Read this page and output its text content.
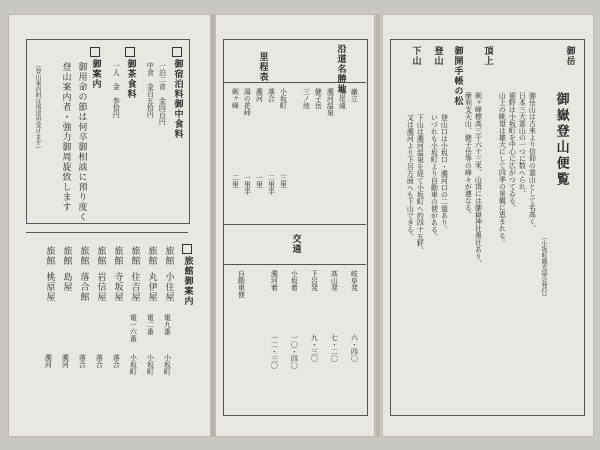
御宿泊料御中食料
一泊二食　金四百円
中食　金百五拾円
御茶食料
一人　金　参拾円
御案内
御用命の節は何卒御相談に預り度く
登山案内者・強力御周旋致します
（登山案内料は別途申受けます）
旅館御案内
旅館
小住屋
電九番
小坂町
旅館
丸伊屋
電二番
小坂町
旅館
住吉屋
電一六番
小坂町
旅館
寺坂屋
落合
旅館
岩信屋
落合
旅館
落合館
落合
旅館
島屋
濁河
旅館
桃原屋
濁河
沿道名勝地
里程表
巌立
根尾滝
濁河温泉
継子岳
三ノ池
小坂町
三里
落合
二里半
濁河
一里
湯の花峠
一里半
剣ヶ峰
二里
交通
岐阜発
六・四〇
高山発
七・二〇
下呂発
九・三〇
小坂着
一〇・四〇
濁河着
一二・三〇
自動車便
御嶽登山便覧
（小坂町観光協会発行）
御岳
御岳山は古来より信仰の霊山として名高く、
日本三大霊山の一つに数へられ、
裾野は小坂町を中心に広がつてゐる。
山上の眺望は雄大にして四季の景観に恵まれる。
頂上
剣ヶ峰標高三千六十三米、山頂には御嶽神社奥社あり、
摩利支天山、継子岳等の峰々が連なる。
御開手帳の松
登山
登山口は小坂口・濁河口の二道あり、
いづれも小坂町より自動車の便がある。
下山
下山は濁河温泉を経て小坂町へ約四十五粁、
又は濁河より下呂方面へも下山できる。
